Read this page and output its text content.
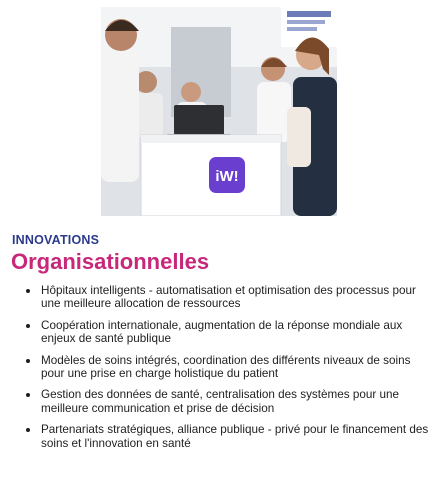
iW!

INNOVATIONS

Organisationnelles
Hôpitaux intelligents - automatisation et optimisation des processus pour une meilleure allocation de ressources
Coopération internationale, augmentation de la réponse mondiale aux enjeux de santé publique
Modèles de soins intégrés, coordination des différents niveaux de soins pour une prise en charge holistique du patient
Gestion des données de santé, centralisation des systèmes pour une meilleure communication et prise de décision
Partenariats stratégiques, alliance publique - privé pour le financement des soins et l'innovation en santé
